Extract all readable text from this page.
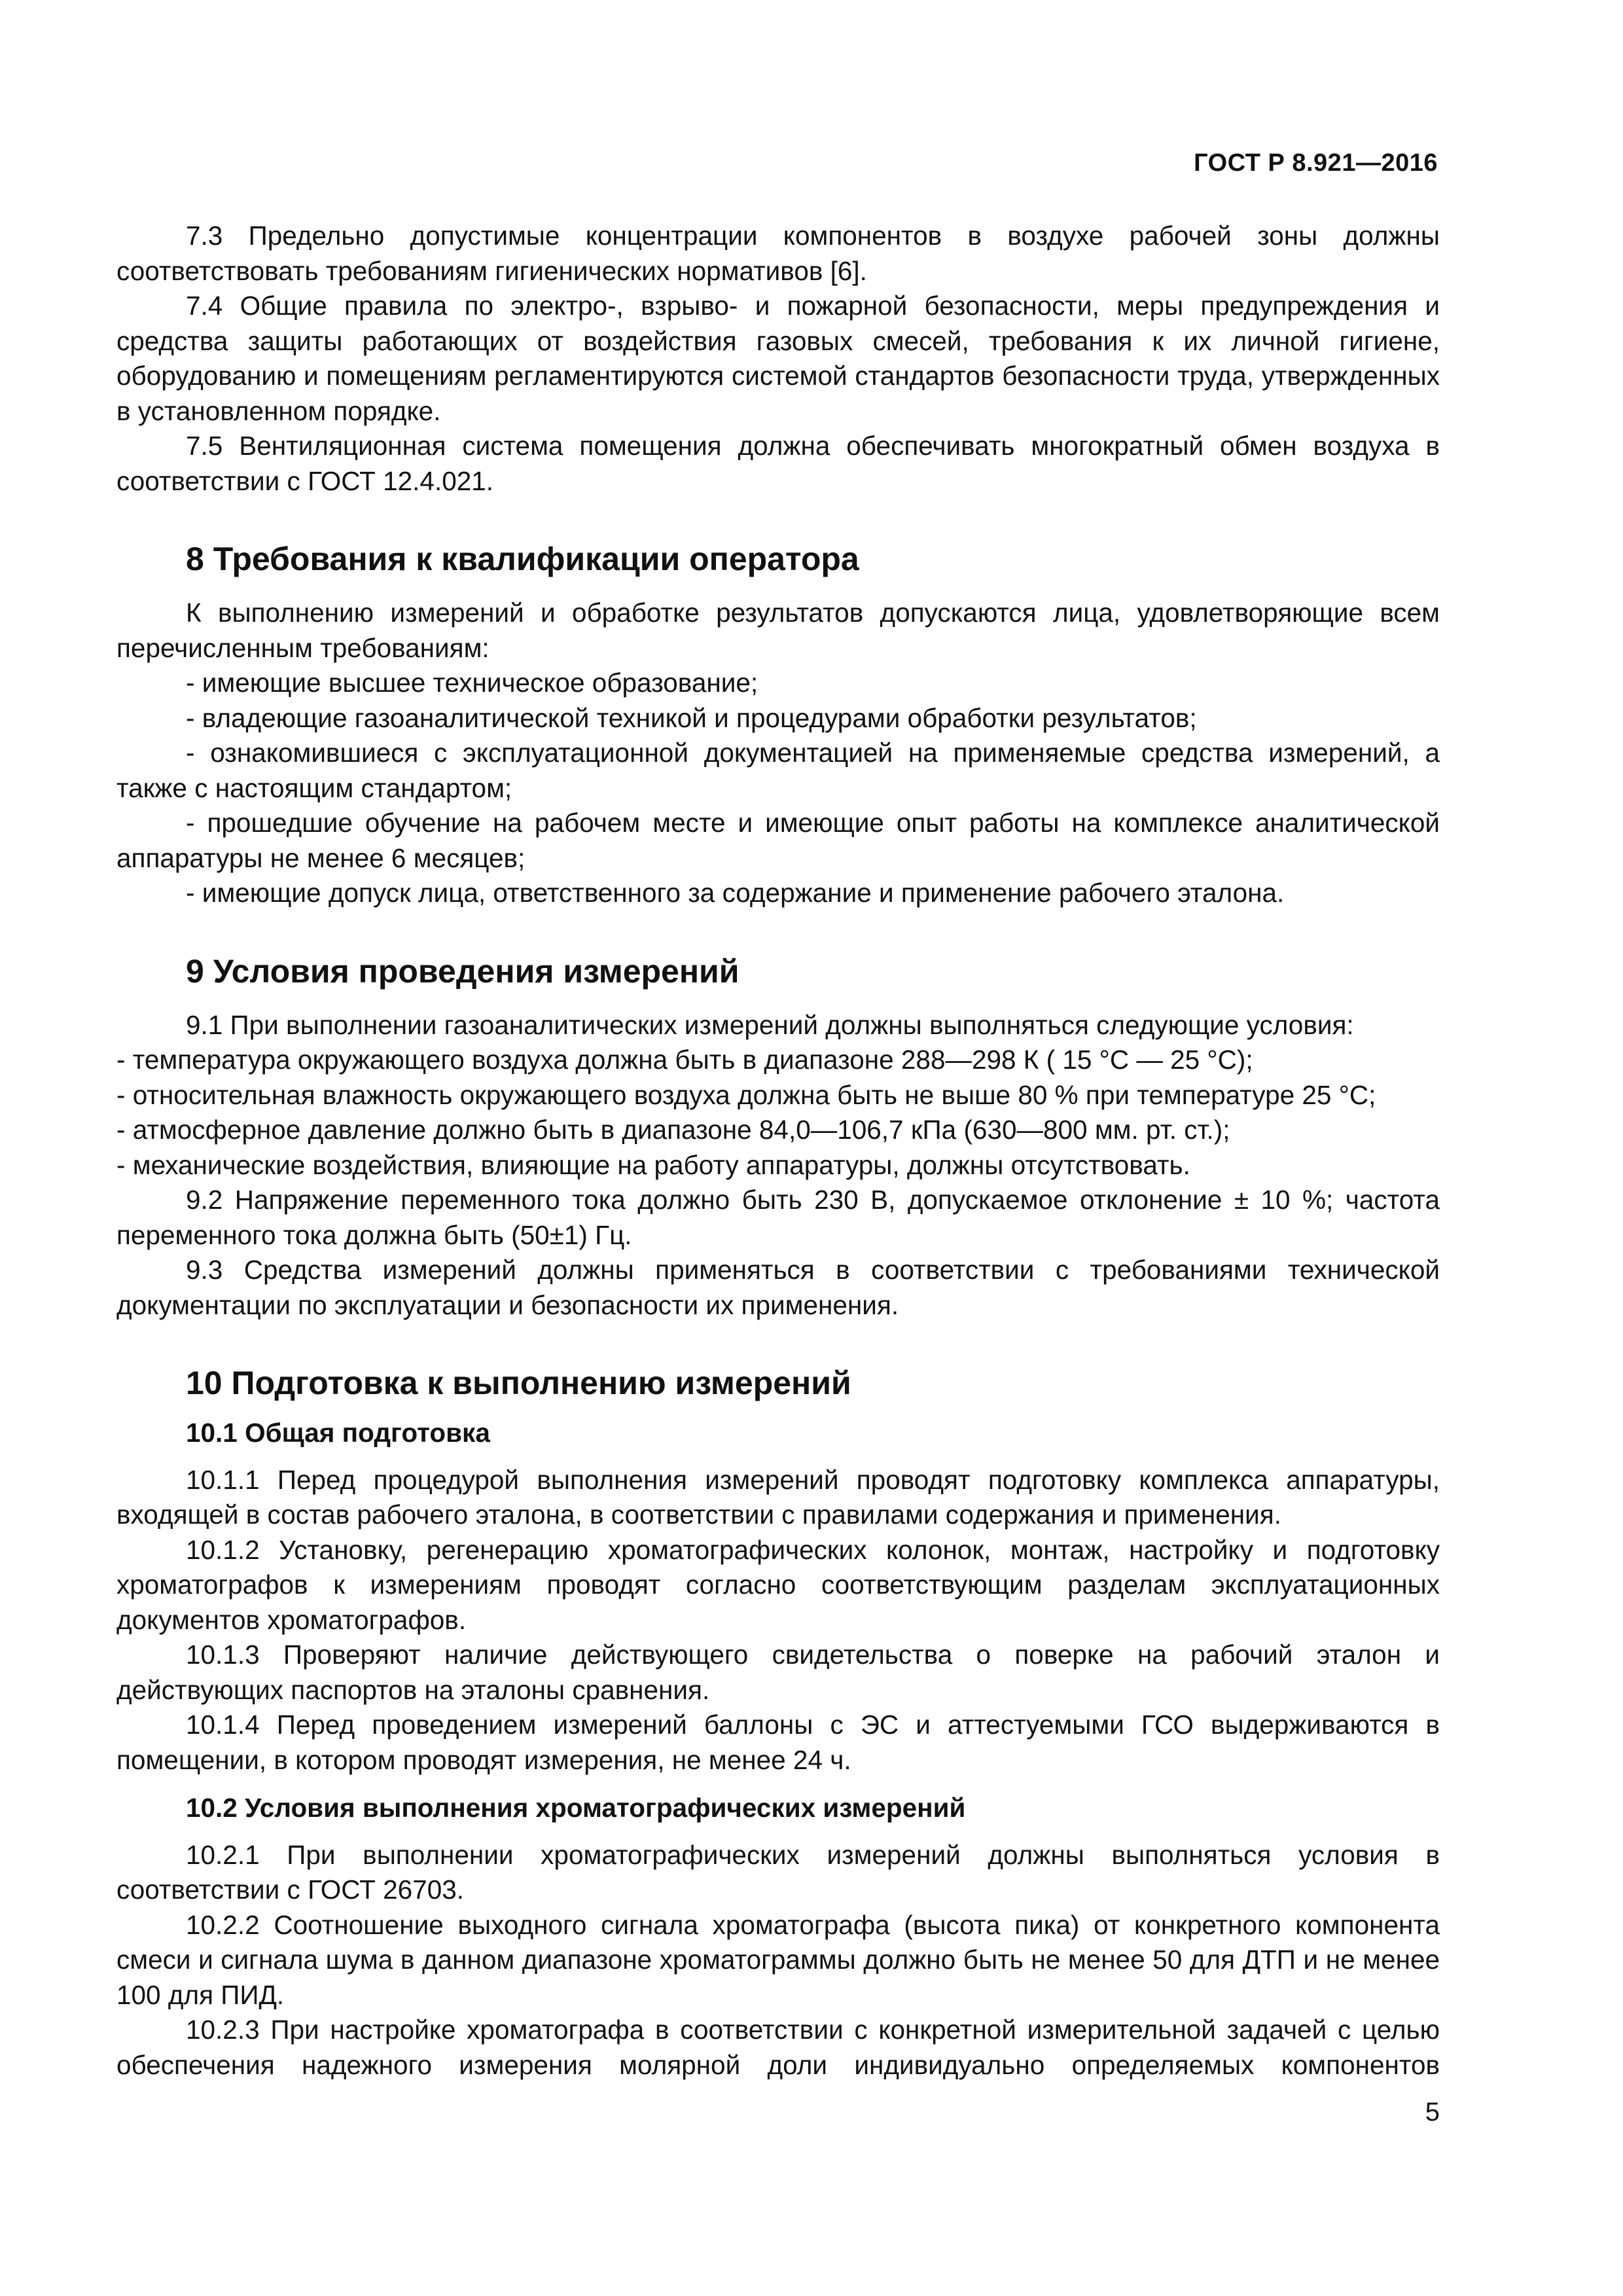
ГОСТ Р 8.921—2016

7.3 Предельно допустимые концентрации компонентов в воздухе рабочей зоны должны соответствовать требованиям гигиенических нормативов [6].

7.4 Общие правила по электро-, взрыво- и пожарной безопасности, меры предупреждения и средства защиты работающих от воздействия газовых смесей, требования к их личной гигиене, оборудованию и помещениям регламентируются системой стандартов безопасности труда, утвержденных в установленном порядке.

7.5 Вентиляционная система помещения должна обеспечивать многократный обмен воздуха в соответствии с ГОСТ 12.4.021.

8 Требования к квалификации оператора

К выполнению измерений и обработке результатов допускаются лица, удовлетворяющие всем перечисленным требованиям:

- имеющие высшее техническое образование;

- владеющие газоаналитической техникой и процедурами обработки результатов;

- ознакомившиеся с эксплуатационной документацией на применяемые средства измерений, а также с настоящим стандартом;

- прошедшие обучение на рабочем месте и имеющие опыт работы на комплексе аналитической аппаратуры не менее 6 месяцев;

- имеющие допуск лица, ответственного за содержание и применение рабочего эталона.

9 Условия проведения измерений

9.1 При выполнении газоаналитических измерений должны выполняться следующие условия:

- температура окружающего воздуха должна быть в диапазоне 288—298 К ( 15 °С — 25 °С);

- относительная влажность окружающего воздуха должна быть не выше 80 % при температуре 25 °С;

- атмосферное давление должно быть в диапазоне 84,0—106,7 кПа (630—800 мм. рт. ст.);

- механические воздействия, влияющие на работу аппаратуры, должны отсутствовать.

9.2 Напряжение переменного тока должно быть 230 В, допускаемое отклонение ± 10 %; частота переменного тока должна быть (50±1) Гц.

9.3 Средства измерений должны применяться в соответствии с требованиями технической документации по эксплуатации и безопасности их применения.

10 Подготовка к выполнению измерений
10.1 Общая подготовка

10.1.1 Перед процедурой выполнения измерений проводят подготовку комплекса аппаратуры, входящей в состав рабочего эталона, в соответствии с правилами содержания и применения.

10.1.2 Установку, регенерацию хроматографических колонок, монтаж, настройку и подготовку хроматографов к измерениям проводят согласно соответствующим разделам эксплуатационных документов хроматографов.

10.1.3 Проверяют наличие действующего свидетельства о поверке на рабочий эталон и действующих паспортов на эталоны сравнения.

10.1.4 Перед проведением измерений баллоны с ЭС и аттестуемыми ГСО выдерживаются в помещении, в котором проводят измерения, не менее 24 ч.

10.2 Условия выполнения хроматографических измерений

10.2.1 При выполнении хроматографических измерений должны выполняться условия в соответствии с ГОСТ 26703.

10.2.2 Соотношение выходного сигнала хроматографа (высота пика) от конкретного компонента смеси и сигнала шума в данном диапазоне хроматограммы должно быть не менее 50 для ДТП и не менее 100 для ПИД.

10.2.3 При настройке хроматографа в соответствии с конкретной измерительной задачей с целью обеспечения надежного измерения молярной доли индивидуально определяемых компонентов

5
